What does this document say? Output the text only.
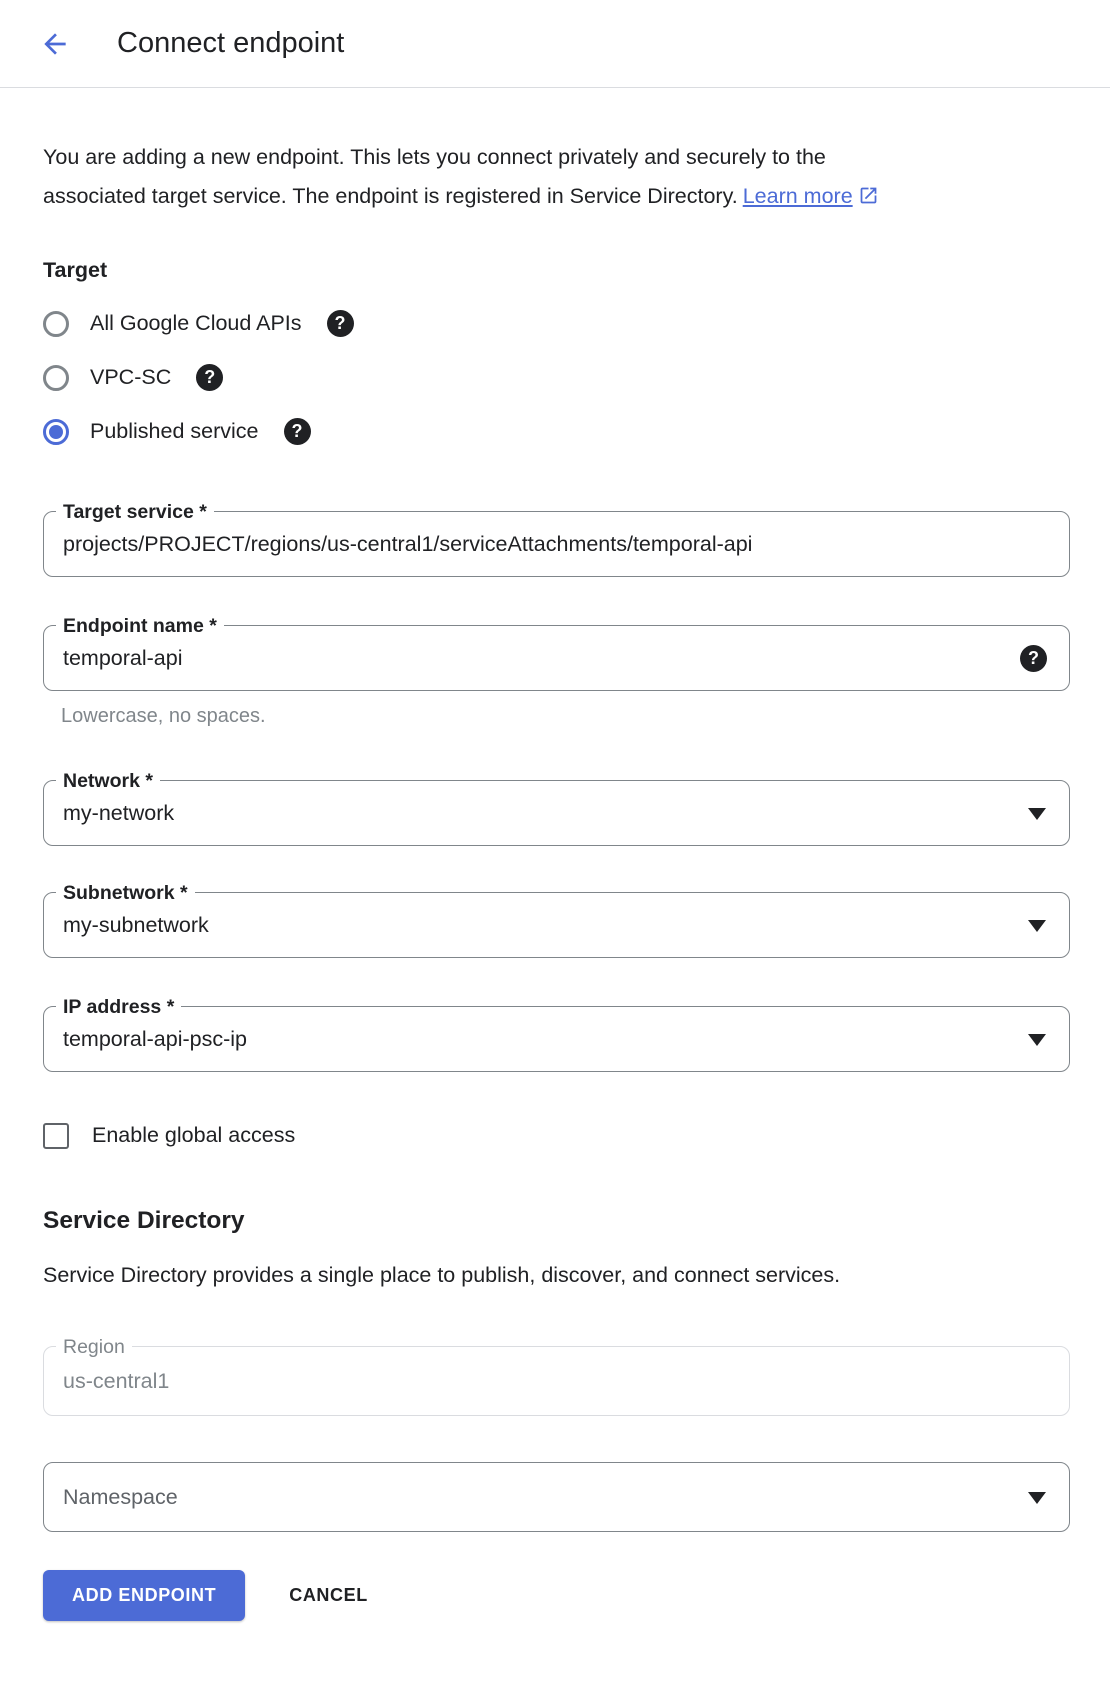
Connect endpoint

You are adding a new endpoint. This lets you connect privately and securely to the
associated target service. The endpoint is registered in Service Directory. Learn more

Target
All Google Cloud APIs	?
VPC-SC	?
Published service	?
Target service *
projects/PROJECT/regions/us-central1/serviceAttachments/temporal-api
Endpoint name *
temporal-api	?
Lowercase, no spaces.
Network *
my-network
Subnetwork *
my-subnetwork
IP address *
temporal-api-psc-ip
Enable global access
Service Directory
Service Directory provides a single place to publish, discover, and connect services.
Region
us-central1
Namespace
ADD ENDPOINT	CANCEL
